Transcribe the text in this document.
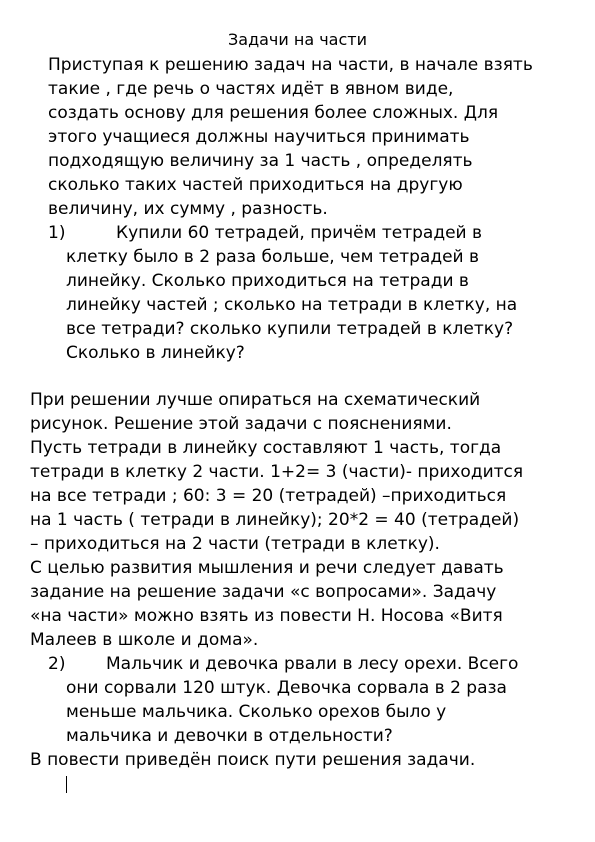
Задачи на части
Приступая к решению задач на части, в начале взять
такие , где речь о частях идёт в явном виде,
создать основу для решения более сложных. Для
этого учащиеся должны научиться принимать
подходящую величину за 1 часть , определять
сколько таких частей приходиться на другую
величину, их сумму , разность.
1)	Купили 60 тетрадей, причём тетрадей в
клетку было в 2 раза больше, чем тетрадей в
линейку. Сколько приходиться на тетради в
линейку частей ; сколько на тетради в клетку, на
все тетради? сколько купили тетрадей в клетку?
Сколько в линейку?
При решении лучше опираться на схематический
рисунок. Решение этой задачи с пояснениями.
Пусть тетради в линейку составляют 1 часть, тогда
тетради в клетку 2 части. 1+2= 3 (части)- приходится
на все тетради ; 60: 3 = 20 (тетрадей) –приходиться
на 1 часть ( тетради в линейку); 20*2 = 40 (тетрадей)
– приходиться на 2 части (тетради в клетку).
С целью развития мышления и речи следует давать
задание на решение задачи «с вопросами». Задачу
«на части» можно взять из повести Н. Носова «Витя
Малеев в школе и дома».
2) Мальчик и девочка рвали в лесу орехи. Всего
они сорвали 120 штук. Девочка сорвала в 2 раза
меньше мальчика. Сколько орехов было у
мальчика и девочки в отдельности?
В повести приведён поиск пути решения задачи.
